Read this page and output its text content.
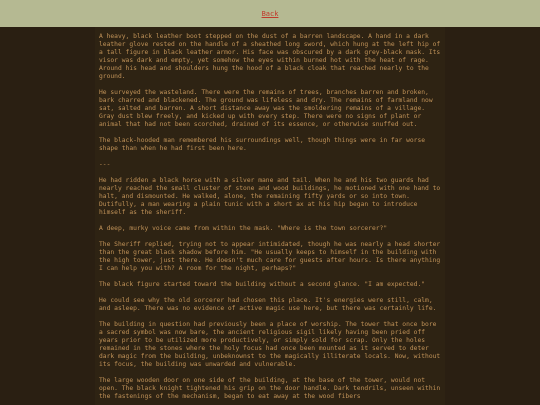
Back

A heavy, black leather boot stepped on the dust of a barren landscape. A hand in a dark leather glove rested on the handle of a sheathed long sword, which hung at the left hip of a tall figure in black leather armor. His face was obscured by a dark grey-black mask. Its visor was dark and empty, yet somehow the eyes within burned hot with the heat of rage. Around his head and shoulders hung the hood of a black cloak that reached nearly to the ground.

He surveyed the wasteland. There were the remains of trees, branches barren and broken, bark charred and blackened. The ground was lifeless and dry. The remains of farmland now sat, salted and barren. A short distance away was the smoldering remains of a village. Gray dust blew freely, and kicked up with every step. There were no signs of plant or animal that had not been scorched, drained of its essence, or otherwise snuffed out.

The black-hooded man remembered his surroundings well, though things were in far worse shape than when he had first been here.

---

He had ridden a black horse with a silver mane and tail. When he and his two guards had nearly reached the small cluster of stone and wood buildings, he motioned with one hand to halt, and dismounted. He walked, alone, the remaining fifty yards or so into town. Dutifully, a man wearing a plain tunic with a short ax at his hip began to introduce himself as the sheriff.

A deep, murky voice came from within the mask. "Where is the town sorcerer?"

The Sheriff replied, trying not to appear intimidated, though he was nearly a head shorter than the great black shadow before him. "He usually keeps to himself in the building with the high tower, just there. He doesn't much care for guests after hours. Is there anything I can help you with? A room for the night, perhaps?"

The black figure started toward the building without a second glance. "I am expected."

He could see why the old sorcerer had chosen this place. It's energies were still, calm, and asleep. There was no evidence of active magic use here, but there was certainly life.

The building in question had previously been a place of worship. The tower that once bore a sacred symbol was now bare, the ancient religious sigil likely having been pried off years prior to be utilized more productively, or simply sold for scrap. Only the holes remained in the stones where the holy focus had once been mounted as it served to deter dark magic from the building, unbeknownst to the magically illiterate locals. Now, without its focus, the building was unwarded and vulnerable.

The large wooden door on one side of the building, at the base of the tower, would not open. The black knight tightened his grip on the door handle. Dark tendrils, unseen within the fastenings of the mechanism, began to eat away at the wood fibers
